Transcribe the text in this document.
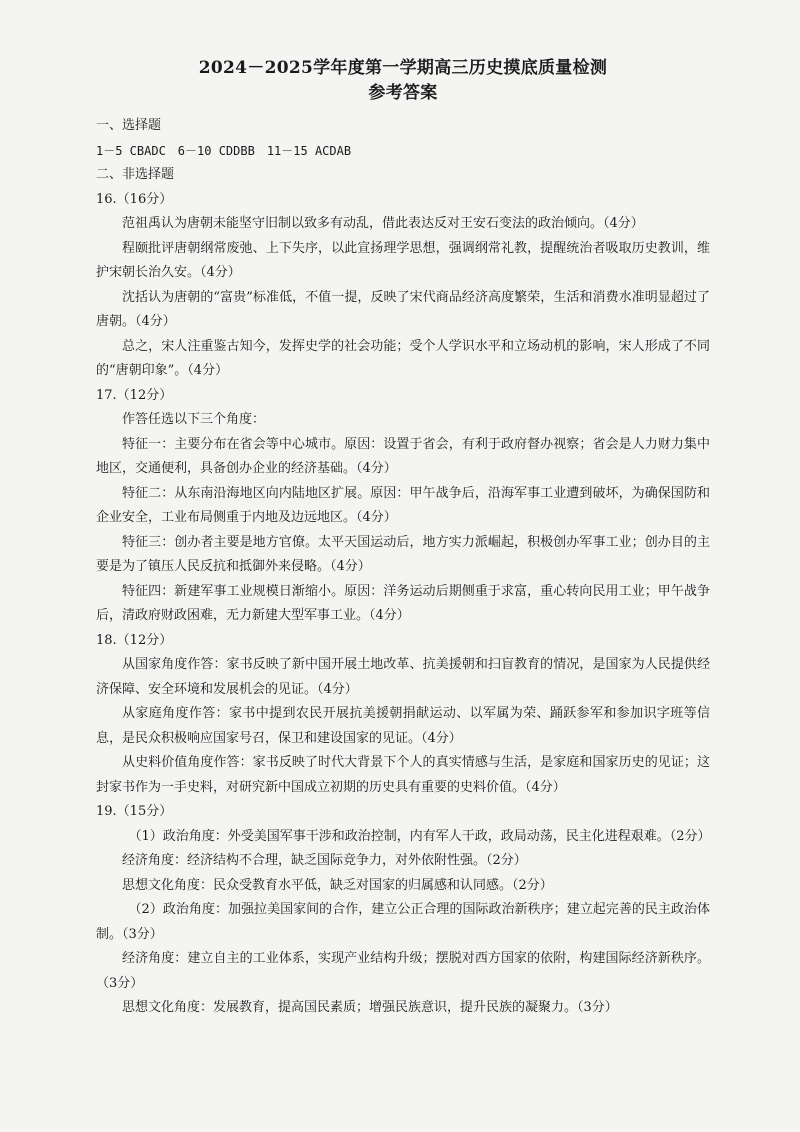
2024－2025学年度第一学期高三历史摸底质量检测
参考答案
一、选择题
1－5 CBADC　6－10 CDDBB　11－15 ACDAB
二、非选择题
16.（16分）
范祖禹认为唐朝未能坚守旧制以致多有动乱，借此表达反对王安石变法的政治倾向。（4分）
程颐批评唐朝纲常废弛、上下失序，以此宣扬理学思想，强调纲常礼教，提醒统治者吸取历史教训，维护宋朝长治久安。（4分）
沈括认为唐朝的“富贵”标准低，不值一提，反映了宋代商品经济高度繁荣，生活和消费水准明显超过了唐朝。（4分）
总之，宋人注重鉴古知今，发挥史学的社会功能；受个人学识水平和立场动机的影响，宋人形成了不同的“唐朝印象”。（4分）
17.（12分）
作答任选以下三个角度：
特征一：主要分布在省会等中心城市。原因：设置于省会，有利于政府督办视察；省会是人力财力集中地区，交通便利，具备创办企业的经济基础。（4分）
特征二：从东南沿海地区向内陆地区扩展。原因：甲午战争后，沿海军事工业遭到破坏，为确保国防和企业安全，工业布局侧重于内地及边远地区。（4分）
特征三：创办者主要是地方官僚。太平天国运动后，地方实力派崛起，积极创办军事工业；创办目的主要是为了镇压人民反抗和抵御外来侵略。（4分）
特征四：新建军事工业规模日渐缩小。原因：洋务运动后期侧重于求富，重心转向民用工业；甲午战争后，清政府财政困难，无力新建大型军事工业。（4分）
18.（12分）
从国家角度作答：家书反映了新中国开展土地改革、抗美援朝和扫盲教育的情况，是国家为人民提供经济保障、安全环境和发展机会的见证。（4分）
从家庭角度作答：家书中提到农民开展抗美援朝捐献运动、以军属为荣、踊跃参军和参加识字班等信息，是民众积极响应国家号召，保卫和建设国家的见证。（4分）
从史料价值角度作答：家书反映了时代大背景下个人的真实情感与生活，是家庭和国家历史的见证；这封家书作为一手史料，对研究新中国成立初期的历史具有重要的史料价值。（4分）
19.（15分）
（1）政治角度：外受美国军事干涉和政治控制，内有军人干政，政局动荡，民主化进程艰难。（2分）
经济角度：经济结构不合理，缺乏国际竞争力，对外依附性强。（2分）
思想文化角度：民众受教育水平低，缺乏对国家的归属感和认同感。（2分）
（2）政治角度：加强拉美国家间的合作，建立公正合理的国际政治新秩序；建立起完善的民主政治体制。（3分）
经济角度：建立自主的工业体系，实现产业结构升级；摆脱对西方国家的依附，构建国际经济新秩序。（3分）
思想文化角度：发展教育，提高国民素质；增强民族意识，提升民族的凝聚力。（3分）
